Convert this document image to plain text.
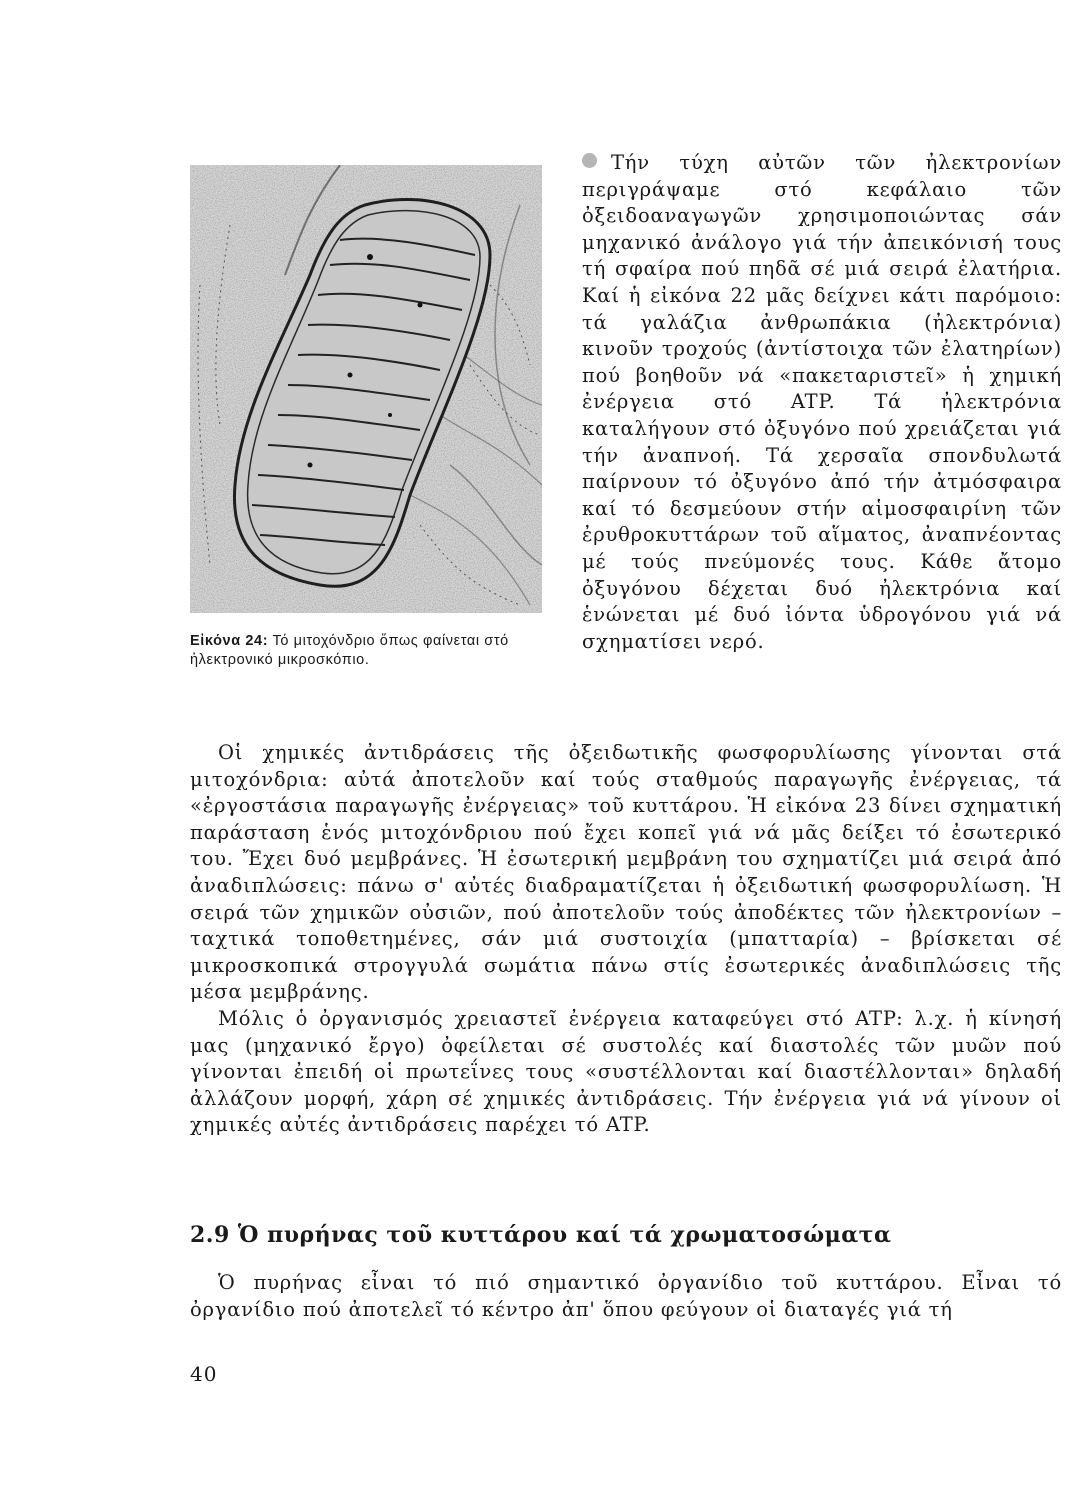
Εἰκόνα 24: Τό μιτοχόνδριο ὅπως φαίνεται στό ἠλεκτρονικό μικροσκόπιο.
Τήν τύχη αὐτῶν τῶν ἠλεκτρονίων περιγράψαμε στό κεφάλαιο τῶν ὀξειδοαναγωγῶν χρησιμοποιώντας σάν μηχανικό ἀνάλογο γιά τήν ἀπεικόνισή τους τή σφαίρα πού πηδᾶ σέ μιά σειρά ἐλατήρια. Καί ἡ εἰκόνα 22 μᾶς δείχνει κάτι παρόμοιο: τά γαλάζια ἀνθρωπάκια (ἠλεκτρόνια) κινοῦν τροχούς (ἀντίστοιχα τῶν ἐλατηρίων) πού βοηθοῦν νά «πακεταριστεῖ» ἡ χημική ἐνέργεια στό ATP. Τά ἠλεκτρόνια καταλήγουν στό ὀξυγόνο πού χρειάζεται γιά τήν ἀναπνοή. Τά χερσαῖα σπονδυλωτά παίρνουν τό ὀξυγόνο ἀπό τήν ἀτμόσφαιρα καί τό δεσμεύουν στήν αἱμοσφαιρίνη τῶν ἐρυθροκυττάρων τοῦ αἵματος, ἀναπνέοντας μέ τούς πνεύμονές τους. Κάθε ἄτομο ὀξυγόνου δέχεται δυό ἠλεκτρόνια καί ἑνώνεται μέ δυό ἰόντα ὑδρογόνου γιά νά σχηματίσει νερό.

Οἱ χημικές ἀντιδράσεις τῆς ὀξειδωτικῆς φωσφορυλίωσης γίνονται στά μιτοχόνδρια: αὐτά ἀποτελοῦν καί τούς σταθμούς παραγωγῆς ἐνέργειας, τά «ἐργοστάσια παραγωγῆς ἐνέργειας» τοῦ κυττάρου. Ἡ εἰκόνα 23 δίνει σχηματική παράσταση ἑνός μιτοχόνδριου πού ἔχει κοπεῖ γιά νά μᾶς δείξει τό ἐσωτερικό του. Ἔχει δυό μεμβράνες. Ἡ ἐσωτερική μεμβράνη του σχηματίζει μιά σειρά ἀπό ἀναδιπλώσεις: πάνω σ' αὐτές διαδραματίζεται ἡ ὀξειδωτική φωσφορυλίωση. Ἡ σειρά τῶν χημικῶν οὐσιῶν, πού ἀποτελοῦν τούς ἀποδέκτες τῶν ἠλεκτρονίων – ταχτικά τοποθετημένες, σάν μιά συστοιχία (μπατταρία) – βρίσκεται σέ μικροσκοπικά στρογγυλά σωμάτια πάνω στίς ἐσωτερικές ἀναδιπλώσεις τῆς μέσα μεμβράνης.

Μόλις ὁ ὀργανισμός χρειαστεῖ ἐνέργεια καταφεύγει στό ATP: λ.χ. ἡ κίνησή μας (μηχανικό ἔργο) ὀφείλεται σέ συστολές καί διαστολές τῶν μυῶν πού γίνονται ἐπειδή οἱ πρωτεΐνες τους «συστέλλονται καί διαστέλλονται» δηλαδή ἀλλάζουν μορφή, χάρη σέ χημικές ἀντιδράσεις. Τήν ἐνέργεια γιά νά γίνουν οἱ χημικές αὐτές ἀντιδράσεις παρέχει τό ATP.

2.9 Ὁ πυρήνας τοῦ κυττάρου καί τά χρωματοσώματα

Ὁ πυρήνας εἶναι τό πιό σημαντικό ὀργανίδιο τοῦ κυττάρου. Εἶναι τό ὀργανίδιο πού ἀποτελεῖ τό κέντρο ἀπ' ὅπου φεύγουν οἱ διαταγές γιά τή

40
